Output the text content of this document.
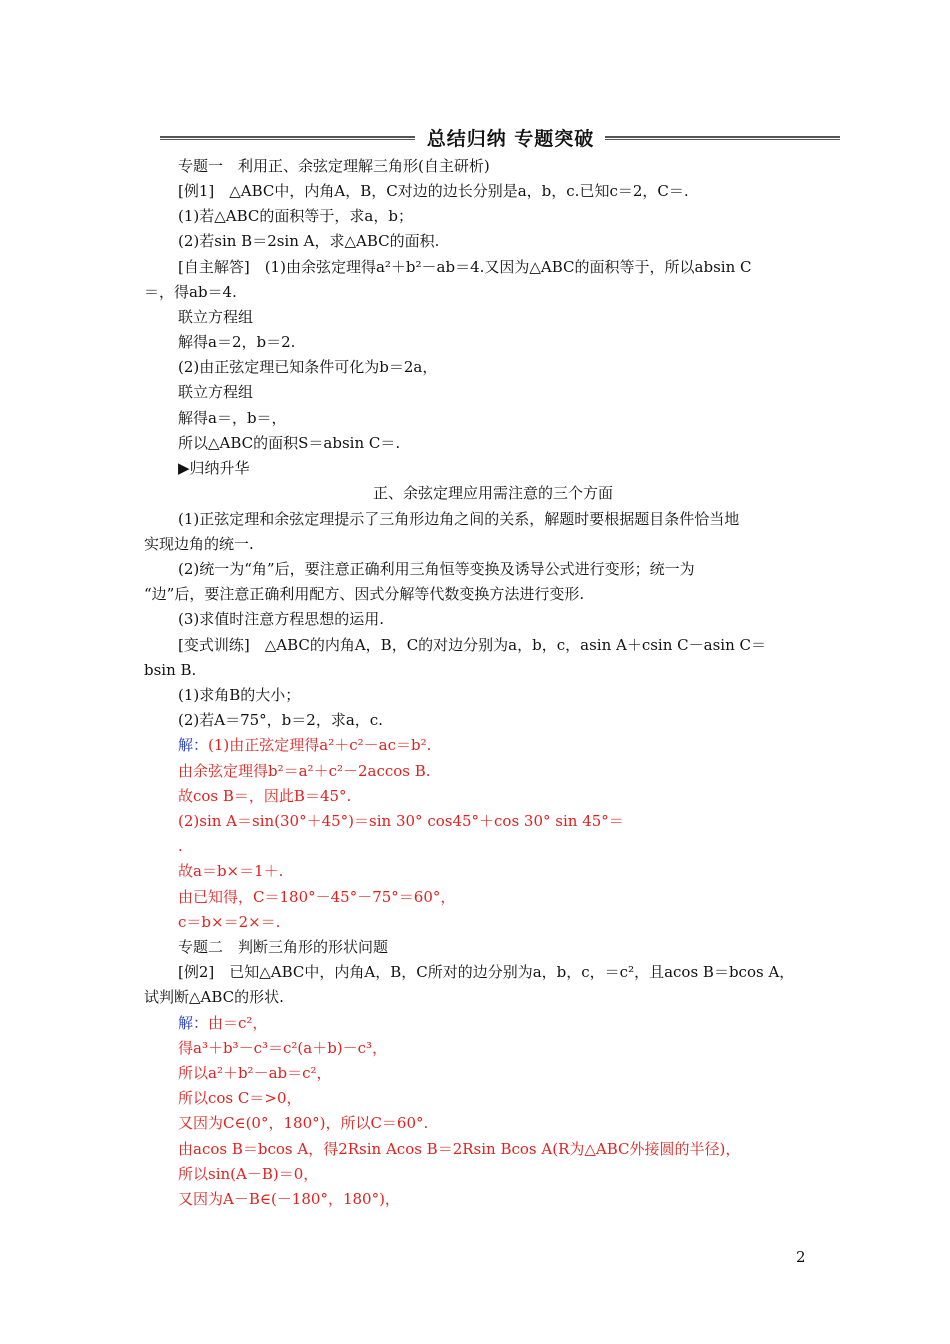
总结归纳 专题突破
专题一　利用正、余弦定理解三角形(自主研析)
[例1]　△ABC中，内角A，B，C对边的边长分别是a，b，c.已知c＝2，C＝.
(1)若△ABC的面积等于，求a，b；
(2)若sin B＝2sin A，求△ABC的面积.
[自主解答]　(1)由余弦定理得a²＋b²－ab＝4.又因为△ABC的面积等于，所以absin C
＝，得ab＝4.
联立方程组
解得a＝2，b＝2.
(2)由正弦定理已知条件可化为b＝2a，
联立方程组
解得a＝，b＝，
所以△ABC的面积S＝absin C＝.
▶归纳升华
正、余弦定理应用需注意的三个方面
(1)正弦定理和余弦定理提示了三角形边角之间的关系，解题时要根据题目条件恰当地
实现边角的统一.
(2)统一为“角”后，要注意正确利用三角恒等变换及诱导公式进行变形；统一为
“边”后，要注意正确利用配方、因式分解等代数变换方法进行变形.
(3)求值时注意方程思想的运用.
[变式训练]　△ABC的内角A，B，C的对边分别为a，b，c，asin A＋csin C－asin C＝
bsin B.
(1)求角B的大小；
(2)若A＝75°，b＝2，求a，c.
解：(1)由正弦定理得a²＋c²－ac＝b².
由余弦定理得b²＝a²＋c²－2accos B.
故cos B＝，因此B＝45°.
(2)sin A＝sin(30°＋45°)＝sin 30° cos45°＋cos 30° sin 45°＝
.
故a＝b×＝1＋.
由已知得，C＝180°－45°－75°＝60°，
c＝b×＝2×＝.
专题二　判断三角形的形状问题
[例2]　已知△ABC中，内角A，B，C所对的边分别为a，b，c，＝c²，且acos B＝bcos A，
试判断△ABC的形状.
解：由＝c²，
得a³＋b³－c³＝c²(a＋b)－c³，
所以a²＋b²－ab＝c²，
所以cos C＝>0，
又因为C∈(0°，180°)，所以C＝60°.
由acos B＝bcos A，得2Rsin Acos B＝2Rsin Bcos A(R为△ABC外接圆的半径)，
所以sin(A－B)＝0，
又因为A－B∈(－180°，180°)，
2
